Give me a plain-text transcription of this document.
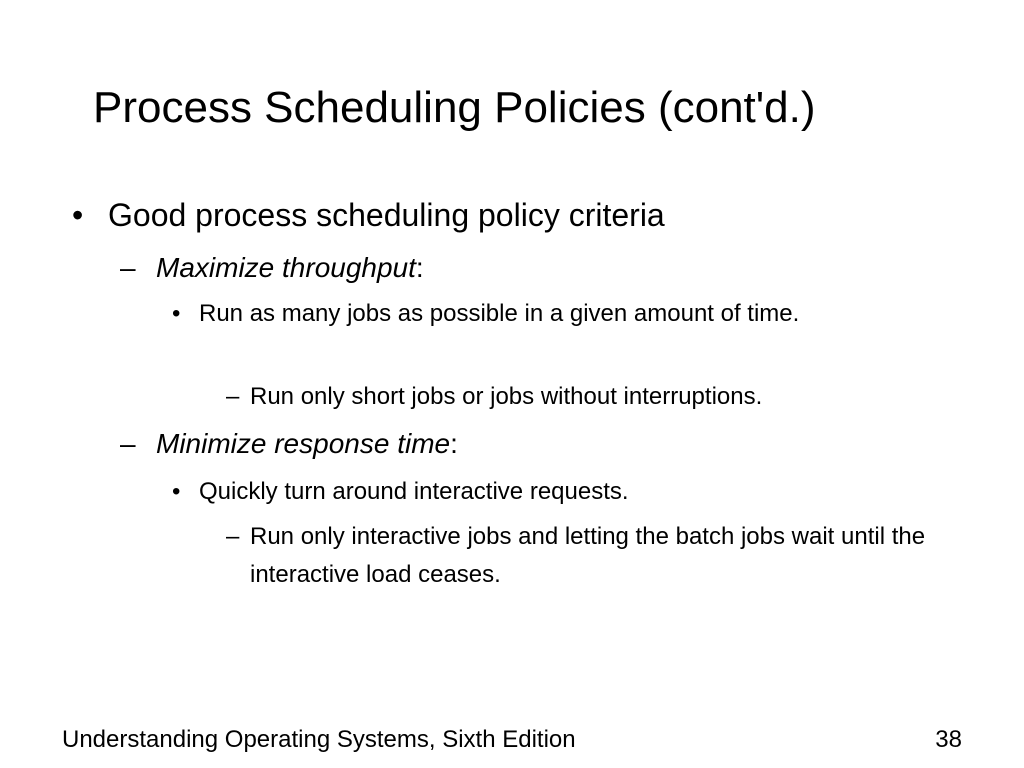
Process Scheduling Policies (cont'd.)
• Good process scheduling policy criteria
– Maximize throughput:
• Run as many jobs as possible in a given amount of time.
– Run only short jobs or jobs without interruptions.
– Minimize response time:
• Quickly turn around interactive requests.
– Run only interactive jobs and letting the batch jobs wait until the interactive load ceases.
Understanding Operating Systems, Sixth Edition	38
